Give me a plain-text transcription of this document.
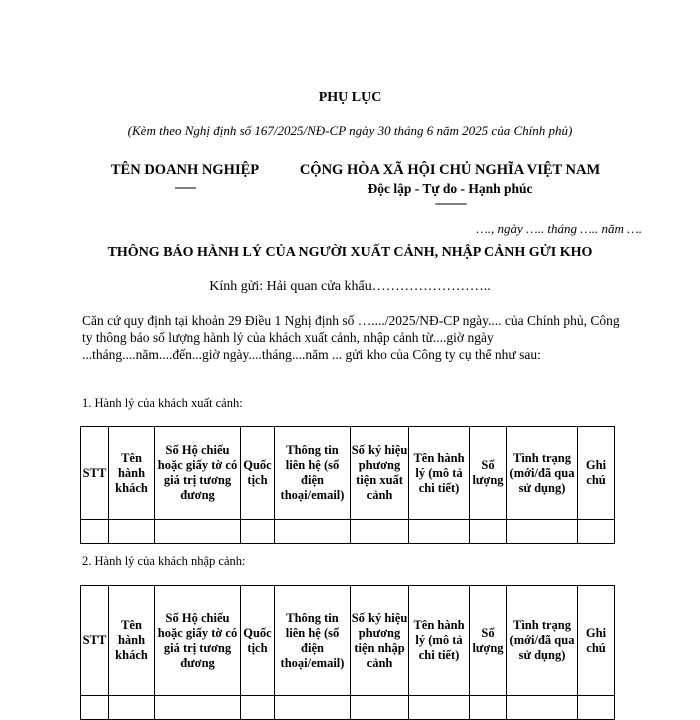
PHỤ LỤC
(Kèm theo Nghị định số 167/2025/NĐ-CP ngày 30 tháng 6 năm 2025 của Chính phủ)
TÊN DOANH NGHIỆP
-------
CỘNG HÒA XÃ HỘI CHỦ NGHĨA VIỆT NAM
Độc lập - Tự do - Hạnh phúc
---------------
…., ngày ….. tháng ….. năm ….
THÔNG BÁO HÀNH LÝ CỦA NGƯỜI XUẤT CẢNH, NHẬP CẢNH GỬI KHO
Kính gửi: Hải quan cửa khẩu……………………..
Căn cứ quy định tại khoản 29 Điều 1 Nghị định số …..../2025/NĐ-CP ngày.... của Chính phủ, Công ty thông báo số lượng hành lý của khách xuất cảnh, nhập cảnh từ....giờ ngày ...tháng....năm....đến...giờ ngày....tháng....năm ... gửi kho của Công ty cụ thể như sau:
1. Hành lý của khách xuất cảnh:
STT	Tên hành khách	Số Hộ chiếu hoặc giấy tờ có giá trị tương đương	Quốc tịch	Thông tin liên hệ (số điện thoại/email)	Số ký hiệu phương tiện xuất cảnh	Tên hành lý (mô tả chi tiết)	Số lượng	Tình trạng (mới/đã qua sử dụng)	Ghi chú

2. Hành lý của khách nhập cảnh:
STT	Tên hành khách	Số Hộ chiếu hoặc giấy tờ có giá trị tương đương	Quốc tịch	Thông tin liên hệ (số điện thoại/email)	Số ký hiệu phương tiện nhập cảnh	Tên hành lý (mô tả chi tiết)	Số lượng	Tình trạng (mới/đã qua sử dụng)	Ghi chú
